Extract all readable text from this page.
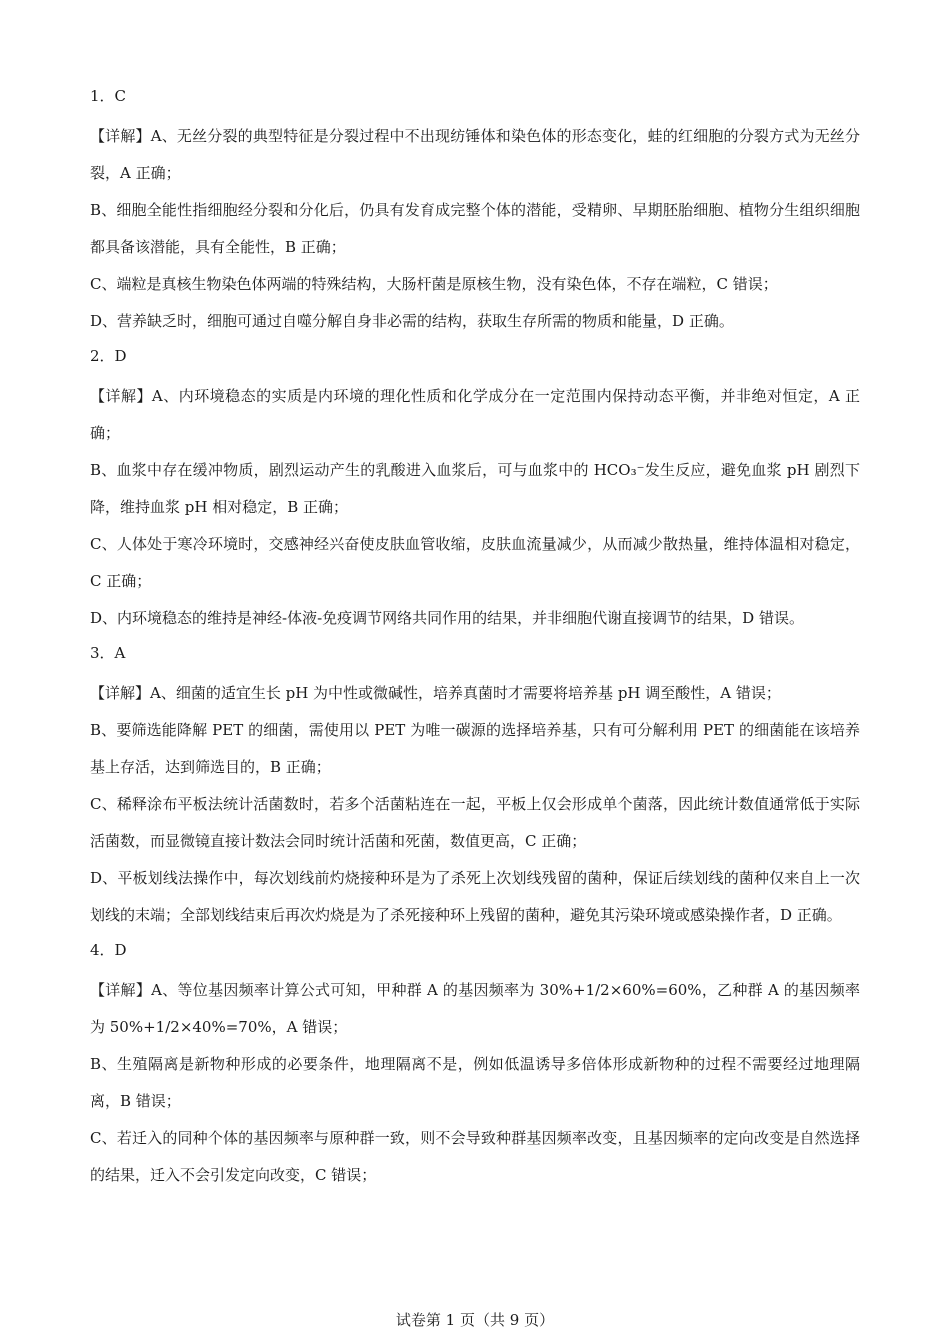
1．C

【详解】A、无丝分裂的典型特征是分裂过程中不出现纺锤体和染色体的形态变化，蛙的红细胞的分裂方式为无丝分裂，A 正确；

B、细胞全能性指细胞经分裂和分化后，仍具有发育成完整个体的潜能，受精卵、早期胚胎细胞、植物分生组织细胞都具备该潜能，具有全能性，B 正确；

C、端粒是真核生物染色体两端的特殊结构，大肠杆菌是原核生物，没有染色体，不存在端粒，C 错误；

D、营养缺乏时，细胞可通过自噬分解自身非必需的结构，获取生存所需的物质和能量，D 正确。

2．D

【详解】A、内环境稳态的实质是内环境的理化性质和化学成分在一定范围内保持动态平衡，并非绝对恒定，A 正确；

B、血浆中存在缓冲物质，剧烈运动产生的乳酸进入血浆后，可与血浆中的 HCO₃⁻发生反应，避免血浆 pH 剧烈下降，维持血浆 pH 相对稳定，B 正确；

C、人体处于寒冷环境时，交感神经兴奋使皮肤血管收缩，皮肤血流量减少，从而减少散热量，维持体温相对稳定，C 正确；

D、内环境稳态的维持是神经-体液-免疫调节网络共同作用的结果，并非细胞代谢直接调节的结果，D 错误。

3．A

【详解】A、细菌的适宜生长 pH 为中性或微碱性，培养真菌时才需要将培养基 pH 调至酸性，A 错误；

B、要筛选能降解 PET 的细菌，需使用以 PET 为唯一碳源的选择培养基，只有可分解利用 PET 的细菌能在该培养基上存活，达到筛选目的，B 正确；

C、稀释涂布平板法统计活菌数时，若多个活菌粘连在一起，平板上仅会形成单个菌落，因此统计数值通常低于实际活菌数，而显微镜直接计数法会同时统计活菌和死菌，数值更高，C 正确；

D、平板划线法操作中，每次划线前灼烧接种环是为了杀死上次划线残留的菌种，保证后续划线的菌种仅来自上一次划线的末端；全部划线结束后再次灼烧是为了杀死接种环上残留的菌种，避免其污染环境或感染操作者，D 正确。

4．D

【详解】A、等位基因频率计算公式可知，甲种群 A 的基因频率为 30%+1/2×60%=60%，乙种群 A 的基因频率为 50%+1/2×40%=70%，A 错误；

B、生殖隔离是新物种形成的必要条件，地理隔离不是，例如低温诱导多倍体形成新物种的过程不需要经过地理隔离，B 错误；

C、若迁入的同种个体的基因频率与原种群一致，则不会导致种群基因频率改变，且基因频率的定向改变是自然选择的结果，迁入不会引发定向改变，C 错误；

试卷第 1 页（共 9 页）
